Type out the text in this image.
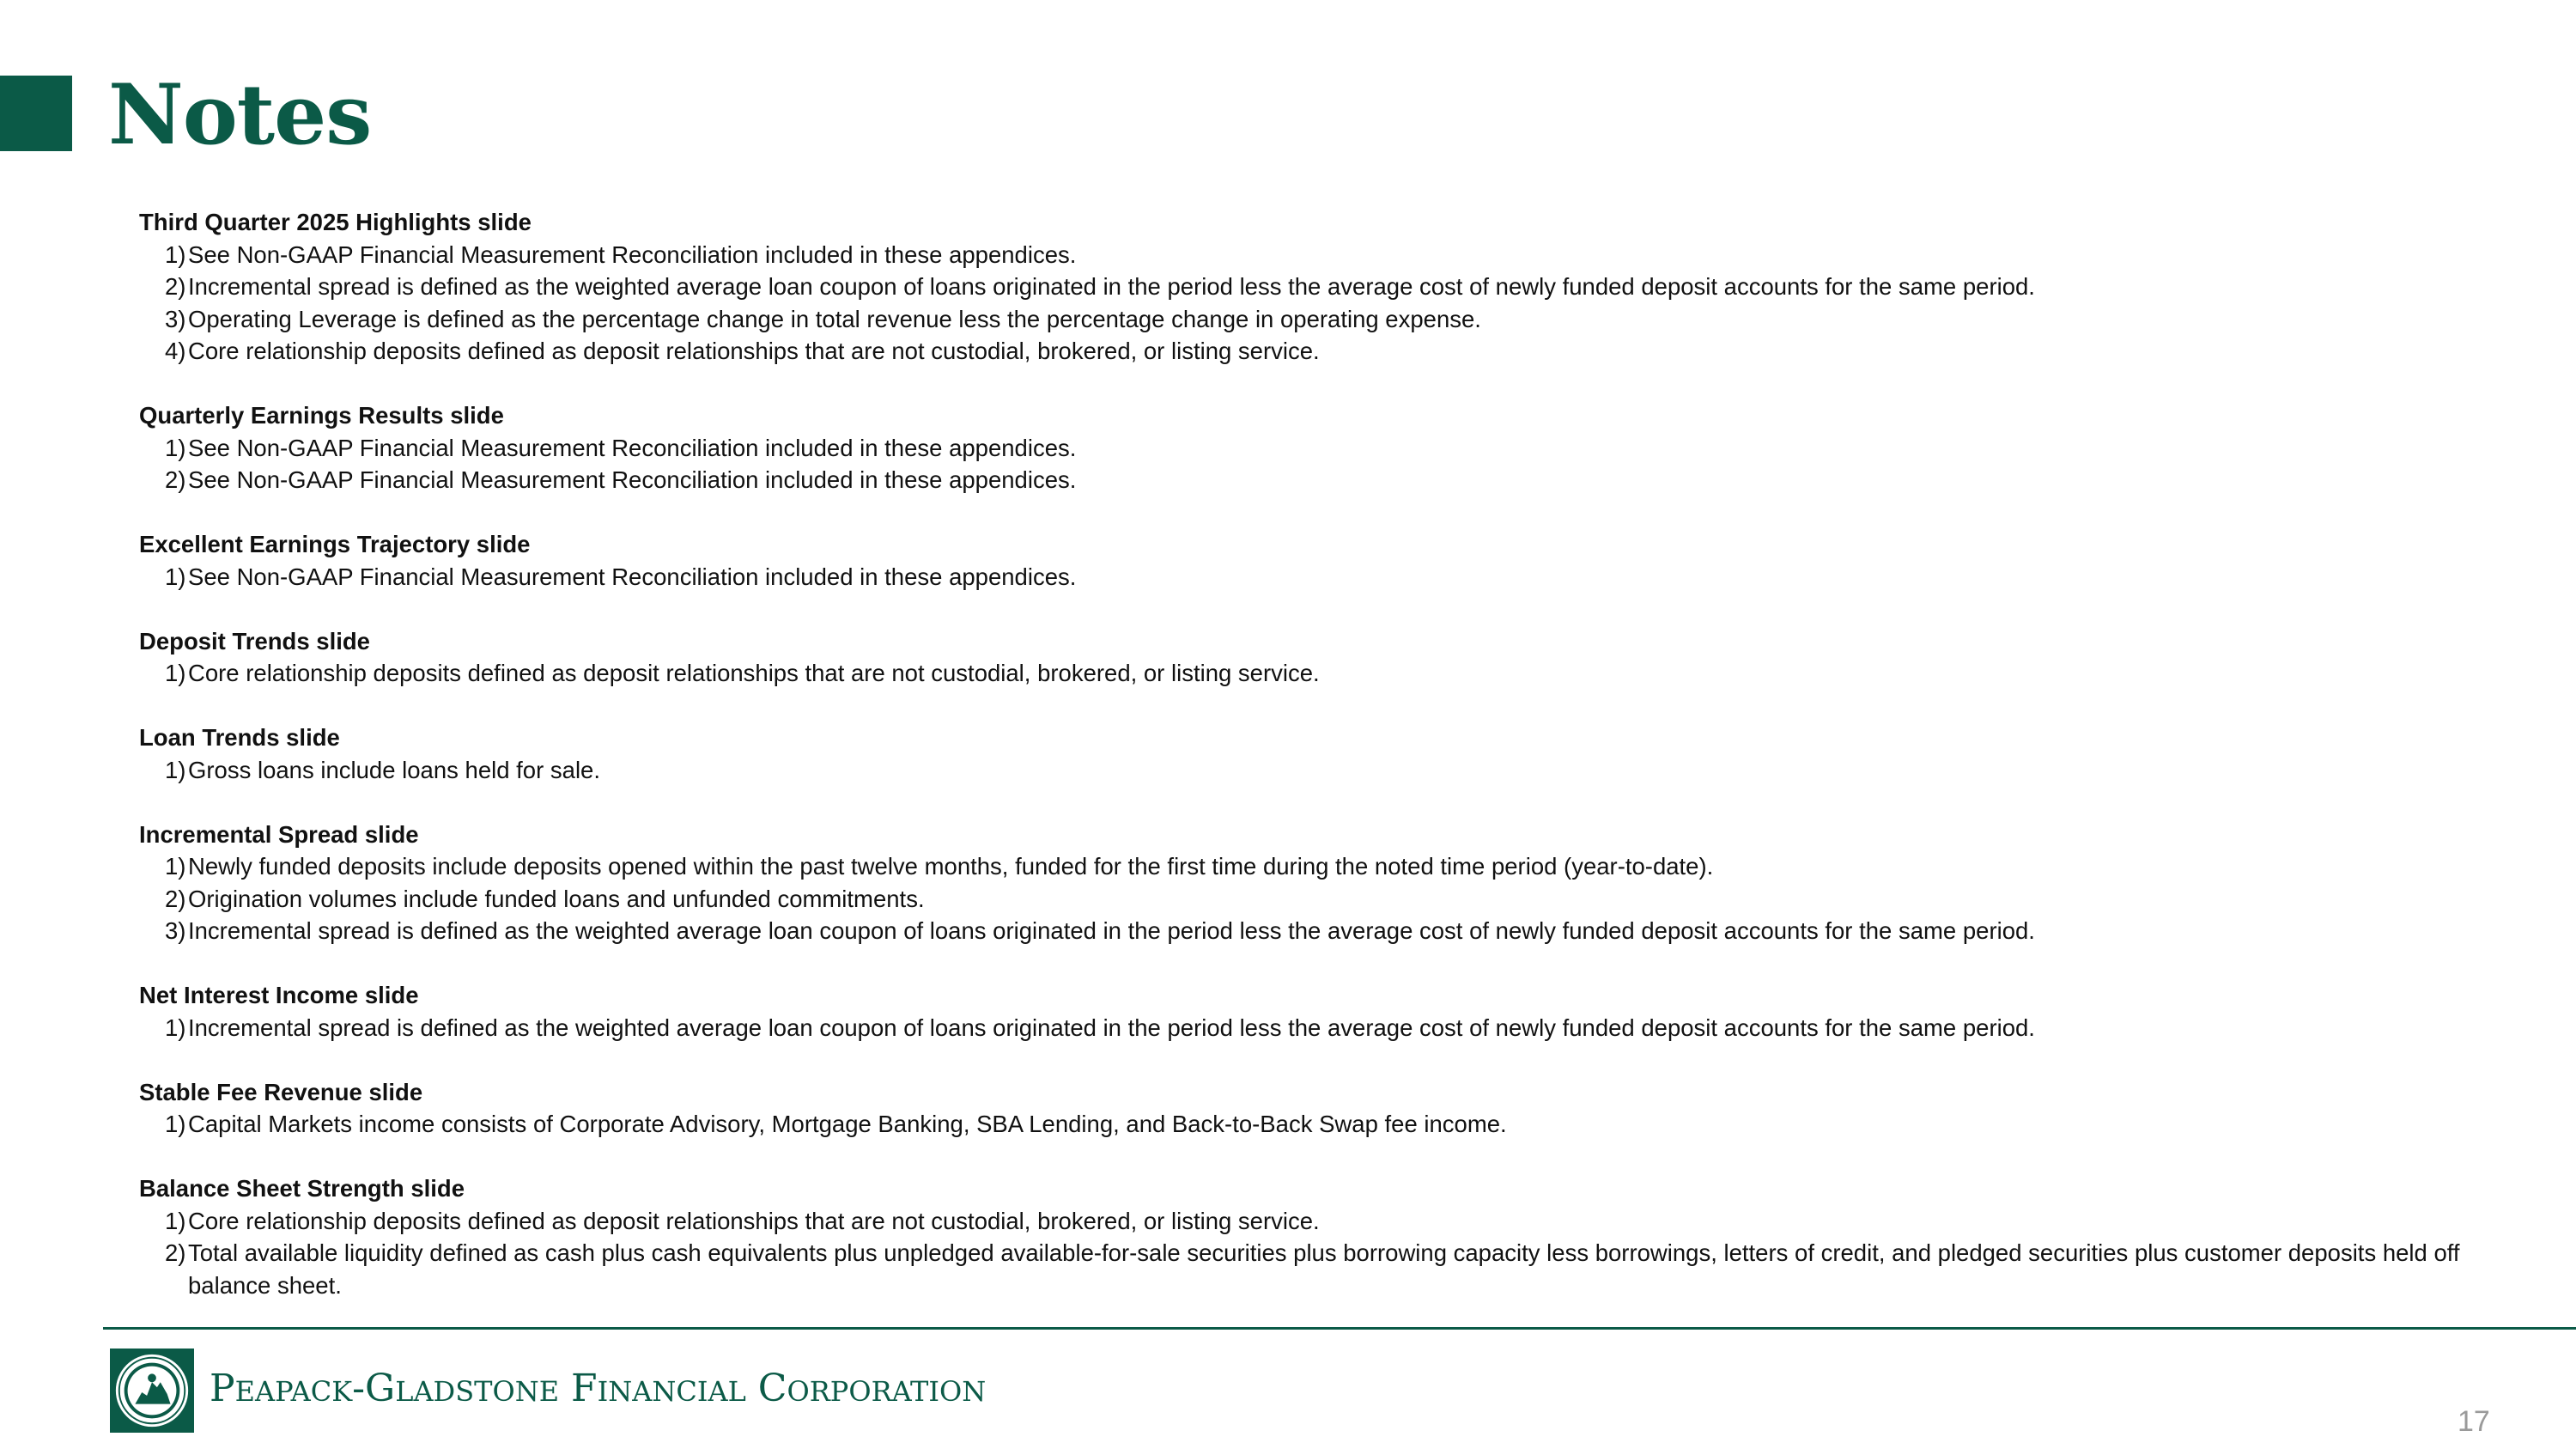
Notes
Third Quarter 2025 Highlights slide
1) See Non-GAAP Financial Measurement Reconciliation included in these appendices.
2) Incremental spread is defined as the weighted average loan coupon of loans originated in the period less the average cost of newly funded deposit accounts for the same period.
3) Operating Leverage is defined as the percentage change in total revenue less the percentage change in operating expense.
4) Core relationship deposits defined as deposit relationships that are not custodial, brokered, or listing service.
Quarterly Earnings Results slide
1) See Non-GAAP Financial Measurement Reconciliation included in these appendices.
2) See Non-GAAP Financial Measurement Reconciliation included in these appendices.
Excellent Earnings Trajectory slide
1) See Non-GAAP Financial Measurement Reconciliation included in these appendices.
Deposit Trends slide
1) Core relationship deposits defined as deposit relationships that are not custodial, brokered, or listing service.
Loan Trends slide
1) Gross loans include loans held for sale.
Incremental Spread slide
1) Newly funded deposits include deposits opened within the past twelve months, funded for the first time during the noted time period (year-to-date).
2) Origination volumes include funded loans and unfunded commitments.
3) Incremental spread is defined as the weighted average loan coupon of loans originated in the period less the average cost of newly funded deposit accounts for the same period.
Net Interest Income slide
1) Incremental spread is defined as the weighted average loan coupon of loans originated in the period less the average cost of newly funded deposit accounts for the same period.
Stable Fee Revenue slide
1) Capital Markets income consists of Corporate Advisory, Mortgage Banking, SBA Lending, and Back-to-Back Swap fee income.
Balance Sheet Strength slide
1) Core relationship deposits defined as deposit relationships that are not custodial, brokered, or listing service.
2) Total available liquidity defined as cash plus cash equivalents plus unpledged available-for-sale securities plus borrowing capacity less borrowings, letters of credit, and pledged securities plus customer deposits held off balance sheet.
PEAPACK-GLADSTONE FINANCIAL CORPORATION
17
